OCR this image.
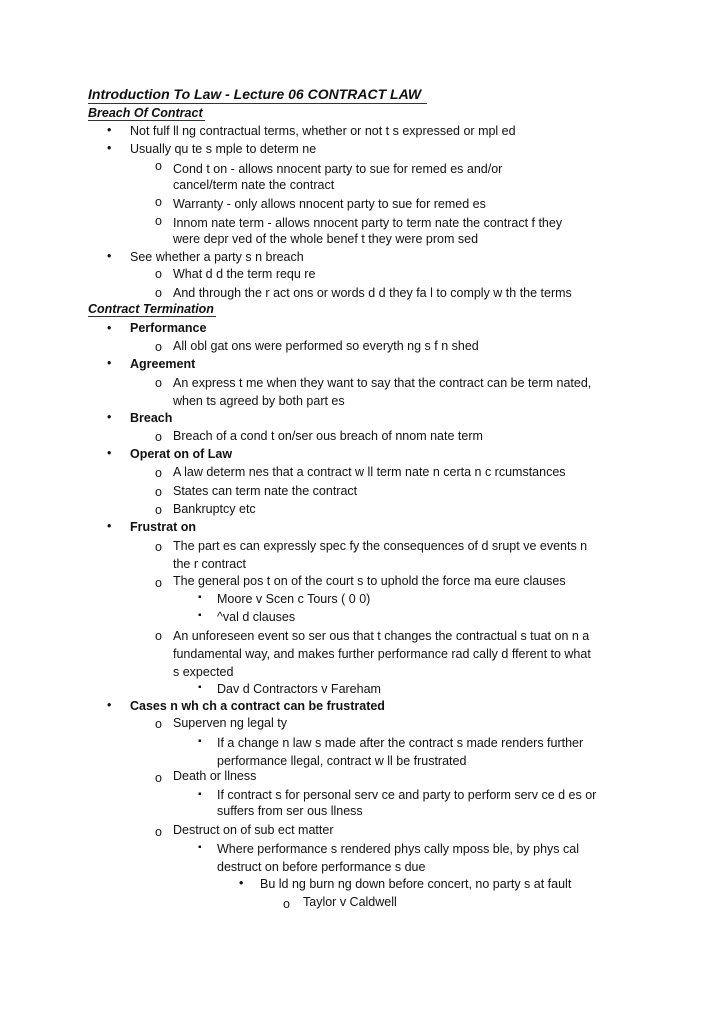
Introduction To Law - Lecture 06 CONTRACT LAW
Breach Of Contract
• Not fulf ll ng contractual terms, whether or not t s expressed or mpl ed
• Usually qu te s mple to determ ne
o Cond t on - allows nnocent party to sue for remed es and/or
cancel/term nate the contract
o Warranty - only allows nnocent party to sue for remed es
o Innom nate term - allows nnocent party to term nate the contract f they
were depr ved of the whole benef t they were prom sed
• See whether a party s n breach
o What d d the term requ re
o And through the r act ons or words d d they fa l to comply w th the terms
Contract Termination
• Performance
o All obl gat ons were performed so everyth ng s f n shed
• Agreement
o An express t me when they want to say that the contract can be term nated,
when ts agreed by both part es
• Breach
o Breach of a cond t on/ser ous breach of nnom nate term
• Operat on of Law
o A law determ nes that a contract w ll term nate n certa n c rcumstances
o States can term nate the contract
o Bankruptcy etc
• Frustrat on
o The part es can expressly spec fy the consequences of d srupt ve events n
the r contract
o The general pos t on of the court s to uphold the force ma eure clauses
▪ Moore v Scen c Tours ( 0 0)
▪ ^val d clauses
o An unforeseen event so ser ous that t changes the contractual s tuat on n a
fundamental way, and makes further performance rad cally d fferent to what
s expected
▪ Dav d Contractors v Fareham
• Cases n wh ch a contract can be frustrated
o Superven ng legal ty
▪ If a change n law s made after the contract s made renders further
performance llegal, contract w ll be frustrated
o Death or llness
▪ If contract s for personal serv ce and party to perform serv ce d es or
suffers from ser ous llness
o Destruct on of sub ect matter
▪ Where performance s rendered phys cally mposs ble, by phys cal
destruct on before performance s due
• Bu ld ng burn ng down before concert, no party s at fault
o Taylor v Caldwell
